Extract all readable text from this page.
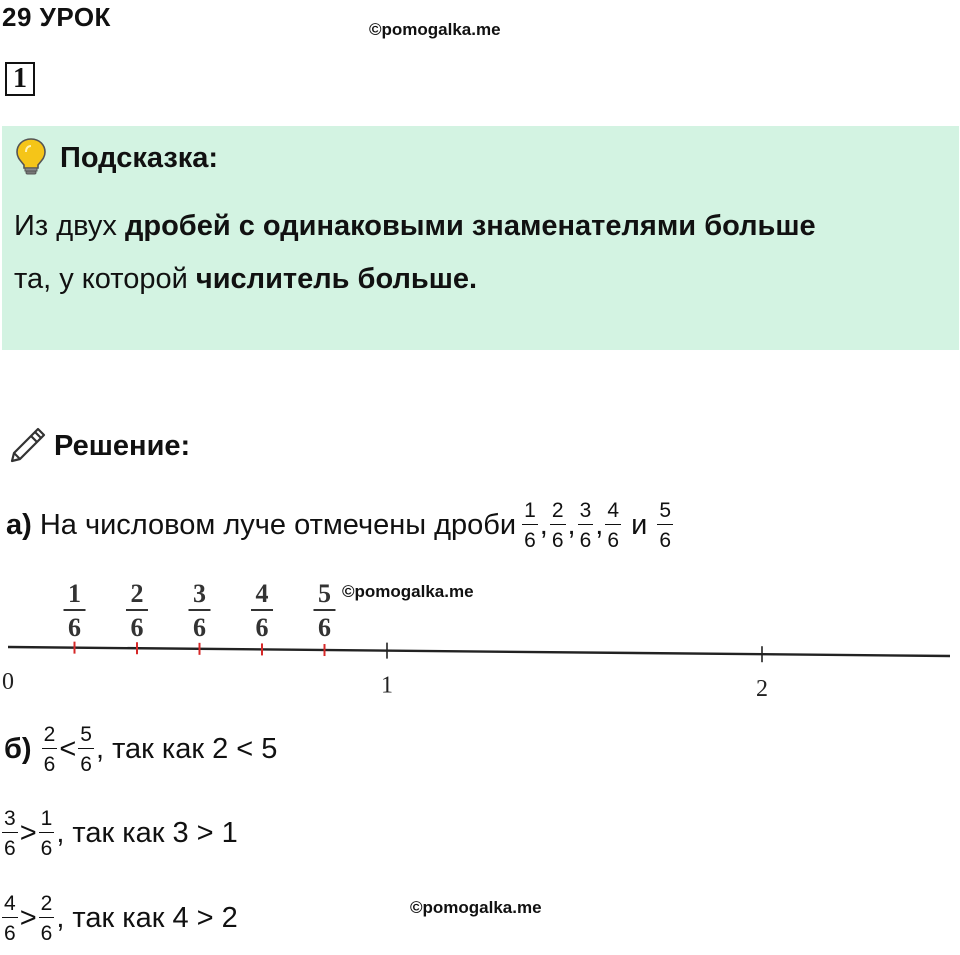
29 УРОК	©pomogalka.me
1
Подсказка:
Из двух дробей с одинаковыми знаменателями больше
та, у которой числитель больше.
Решение:
а)
На числовом луче отмечены дроби $\frac{1}{6}$ , $\frac{2}{6}$ , $\frac{3}{6}$ , $\frac{4}{6}$
и
$\frac{5}{6}$
0	1	2
1
6
2
6
3
6
4
6
5
6
©pomogalka.me
б)
$\frac{2}{6} < \frac{5}{6}$ , так как 2 < 5
$\frac{3}{6} > \frac{1}{6}$ , так как 3 > 1
$\frac{4}{6} > \frac{2}{6}$ , так как 4 > 2	©pomogalka.me
